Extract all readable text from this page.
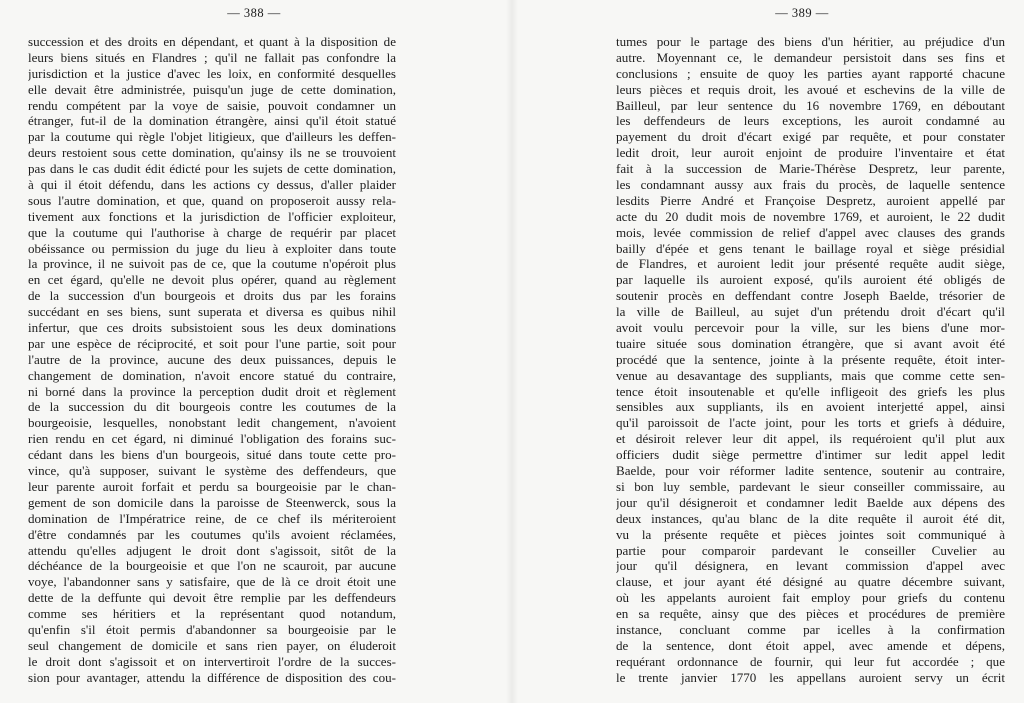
— 388 —
succession et des droits en dépendant, et quant à la disposition de
leurs biens situés en Flandres ; qu'il ne fallait pas confondre la
jurisdiction et la justice d'avec les loix, en conformité desquelles
elle devait être administrée, puisqu'un juge de cette domination,
rendu compétent par la voye de saisie, pouvoit condamner un
étranger, fut-il de la domination étrangère, ainsi qu'il étoit statué
par la coutume qui règle l'objet litigieux, que d'ailleurs les deffen-
deurs restoient sous cette domination, qu'ainsy ils ne se trouvoient
pas dans le cas dudit édit édicté pour les sujets de cette domination,
à qui il étoit défendu, dans les actions cy dessus, d'aller plaider
sous l'autre domination, et que, quand on proposeroit aussy rela-
tivement aux fonctions et la jurisdiction de l'officier exploiteur,
que la coutume qui l'authorise à charge de requérir par placet
obéissance ou permission du juge du lieu à exploiter dans toute
la province, il ne suivoit pas de ce, que la coutume n'opéroit plus
en cet égard, qu'elle ne devoit plus opérer, quand au règlement
de la succession d'un bourgeois et droits dus par les forains
succédant en ses biens, sunt superata et diversa es quibus nihil
infertur, que ces droits subsistoient sous les deux dominations
par une espèce de réciprocité, et soit pour l'une partie, soit pour
l'autre de la province, aucune des deux puissances, depuis le
changement de domination, n'avoit encore statué du contraire,
ni borné dans la province la perception dudit droit et règlement
de la succession du dit bourgeois contre les coutumes de la
bourgeoisie, lesquelles, nonobstant ledit changement, n'avoient
rien rendu en cet égard, ni diminué l'obligation des forains suc-
cédant dans les biens d'un bourgeois, situé dans toute cette pro-
vince, qu'à supposer, suivant le système des deffendeurs, que
leur parente auroit forfait et perdu sa bourgeoisie par le chan-
gement de son domicile dans la paroisse de Steenwerck, sous la
domination de l'Impératrice reine, de ce chef ils mériteroient
d'être condamnés par les coutumes qu'ils avoient réclamées,
attendu qu'elles adjugent le droit dont s'agissoit, sitôt de la
déchéance de la bourgeoisie et que l'on ne scauroit, par aucune
voye, l'abandonner sans y satisfaire, que de là ce droit étoit une
dette de la deffunte qui devoit être remplie par les deffendeurs
comme ses héritiers et la représentant quod notandum,
qu'enfin s'il étoit permis d'abandonner sa bourgeoisie par le
seul changement de domicile et sans rien payer, on éluderoit
le droit dont s'agissoit et on intervertiroit l'ordre de la succes-
sion pour avantager, attendu la différence de disposition des cou-
— 389 —
tumes pour le partage des biens d'un héritier, au préjudice d'un
autre. Moyennant ce, le demandeur persistoit dans ses fins et
conclusions ; ensuite de quoy les parties ayant rapporté chacune
leurs pièces et requis droit, les avoué et eschevins de la ville de
Bailleul, par leur sentence du 16 novembre 1769, en déboutant
les deffendeurs de leurs exceptions, les auroit condamné au
payement du droit d'écart exigé par requête, et pour constater
ledit droit, leur auroit enjoint de produire l'inventaire et état
fait à la succession de Marie-Thérèse Despretz, leur parente,
les condamnant aussy aux frais du procès, de laquelle sentence
lesdits Pierre André et Françoise Despretz, auroient appellé par
acte du 20 dudit mois de novembre 1769, et auroient, le 22 dudit
mois, levée commission de relief d'appel avec clauses des grands
bailly d'épée et gens tenant le baillage royal et siège présidial
de Flandres, et auroient ledit jour présenté requête audit siège,
par laquelle ils auroient exposé, qu'ils auroient été obligés de
soutenir procès en deffendant contre Joseph Baelde, trésorier de
la ville de Bailleul, au sujet d'un prétendu droit d'écart qu'il
avoit voulu percevoir pour la ville, sur les biens d'une mor-
tuaire située sous domination étrangère, que si avant avoit été
procédé que la sentence, jointe à la présente requête, étoit inter-
venue au desavantage des suppliants, mais que comme cette sen-
tence étoit insoutenable et qu'elle infligeoit des griefs les plus
sensibles aux suppliants, ils en avoient interjetté appel, ainsi
qu'il paroissoit de l'acte joint, pour les torts et griefs à déduire,
et désiroit relever leur dit appel, ils requéroient qu'il plut aux
officiers dudit siège permettre d'intimer sur ledit appel ledit
Baelde, pour voir réformer ladite sentence, soutenir au contraire,
si bon luy semble, pardevant le sieur conseiller commissaire, au
jour qu'il désigneroit et condamner ledit Baelde aux dépens des
deux instances, qu'au blanc de la dite requête il auroit été dit,
vu la présente requête et pièces jointes soit communiqué à
partie pour comparoir pardevant le conseiller Cuvelier au
jour qu'il désignera, en levant commission d'appel avec
clause, et jour ayant été désigné au quatre décembre suivant,
où les appelants auroient fait employ pour griefs du contenu
en sa requête, ainsy que des pièces et procédures de première
instance, concluant comme par icelles à la confirmation
de la sentence, dont étoit appel, avec amende et dépens,
requérant ordonnance de fournir, qui leur fut accordée ; que
le trente janvier 1770 les appellans auroient servy un écrit
